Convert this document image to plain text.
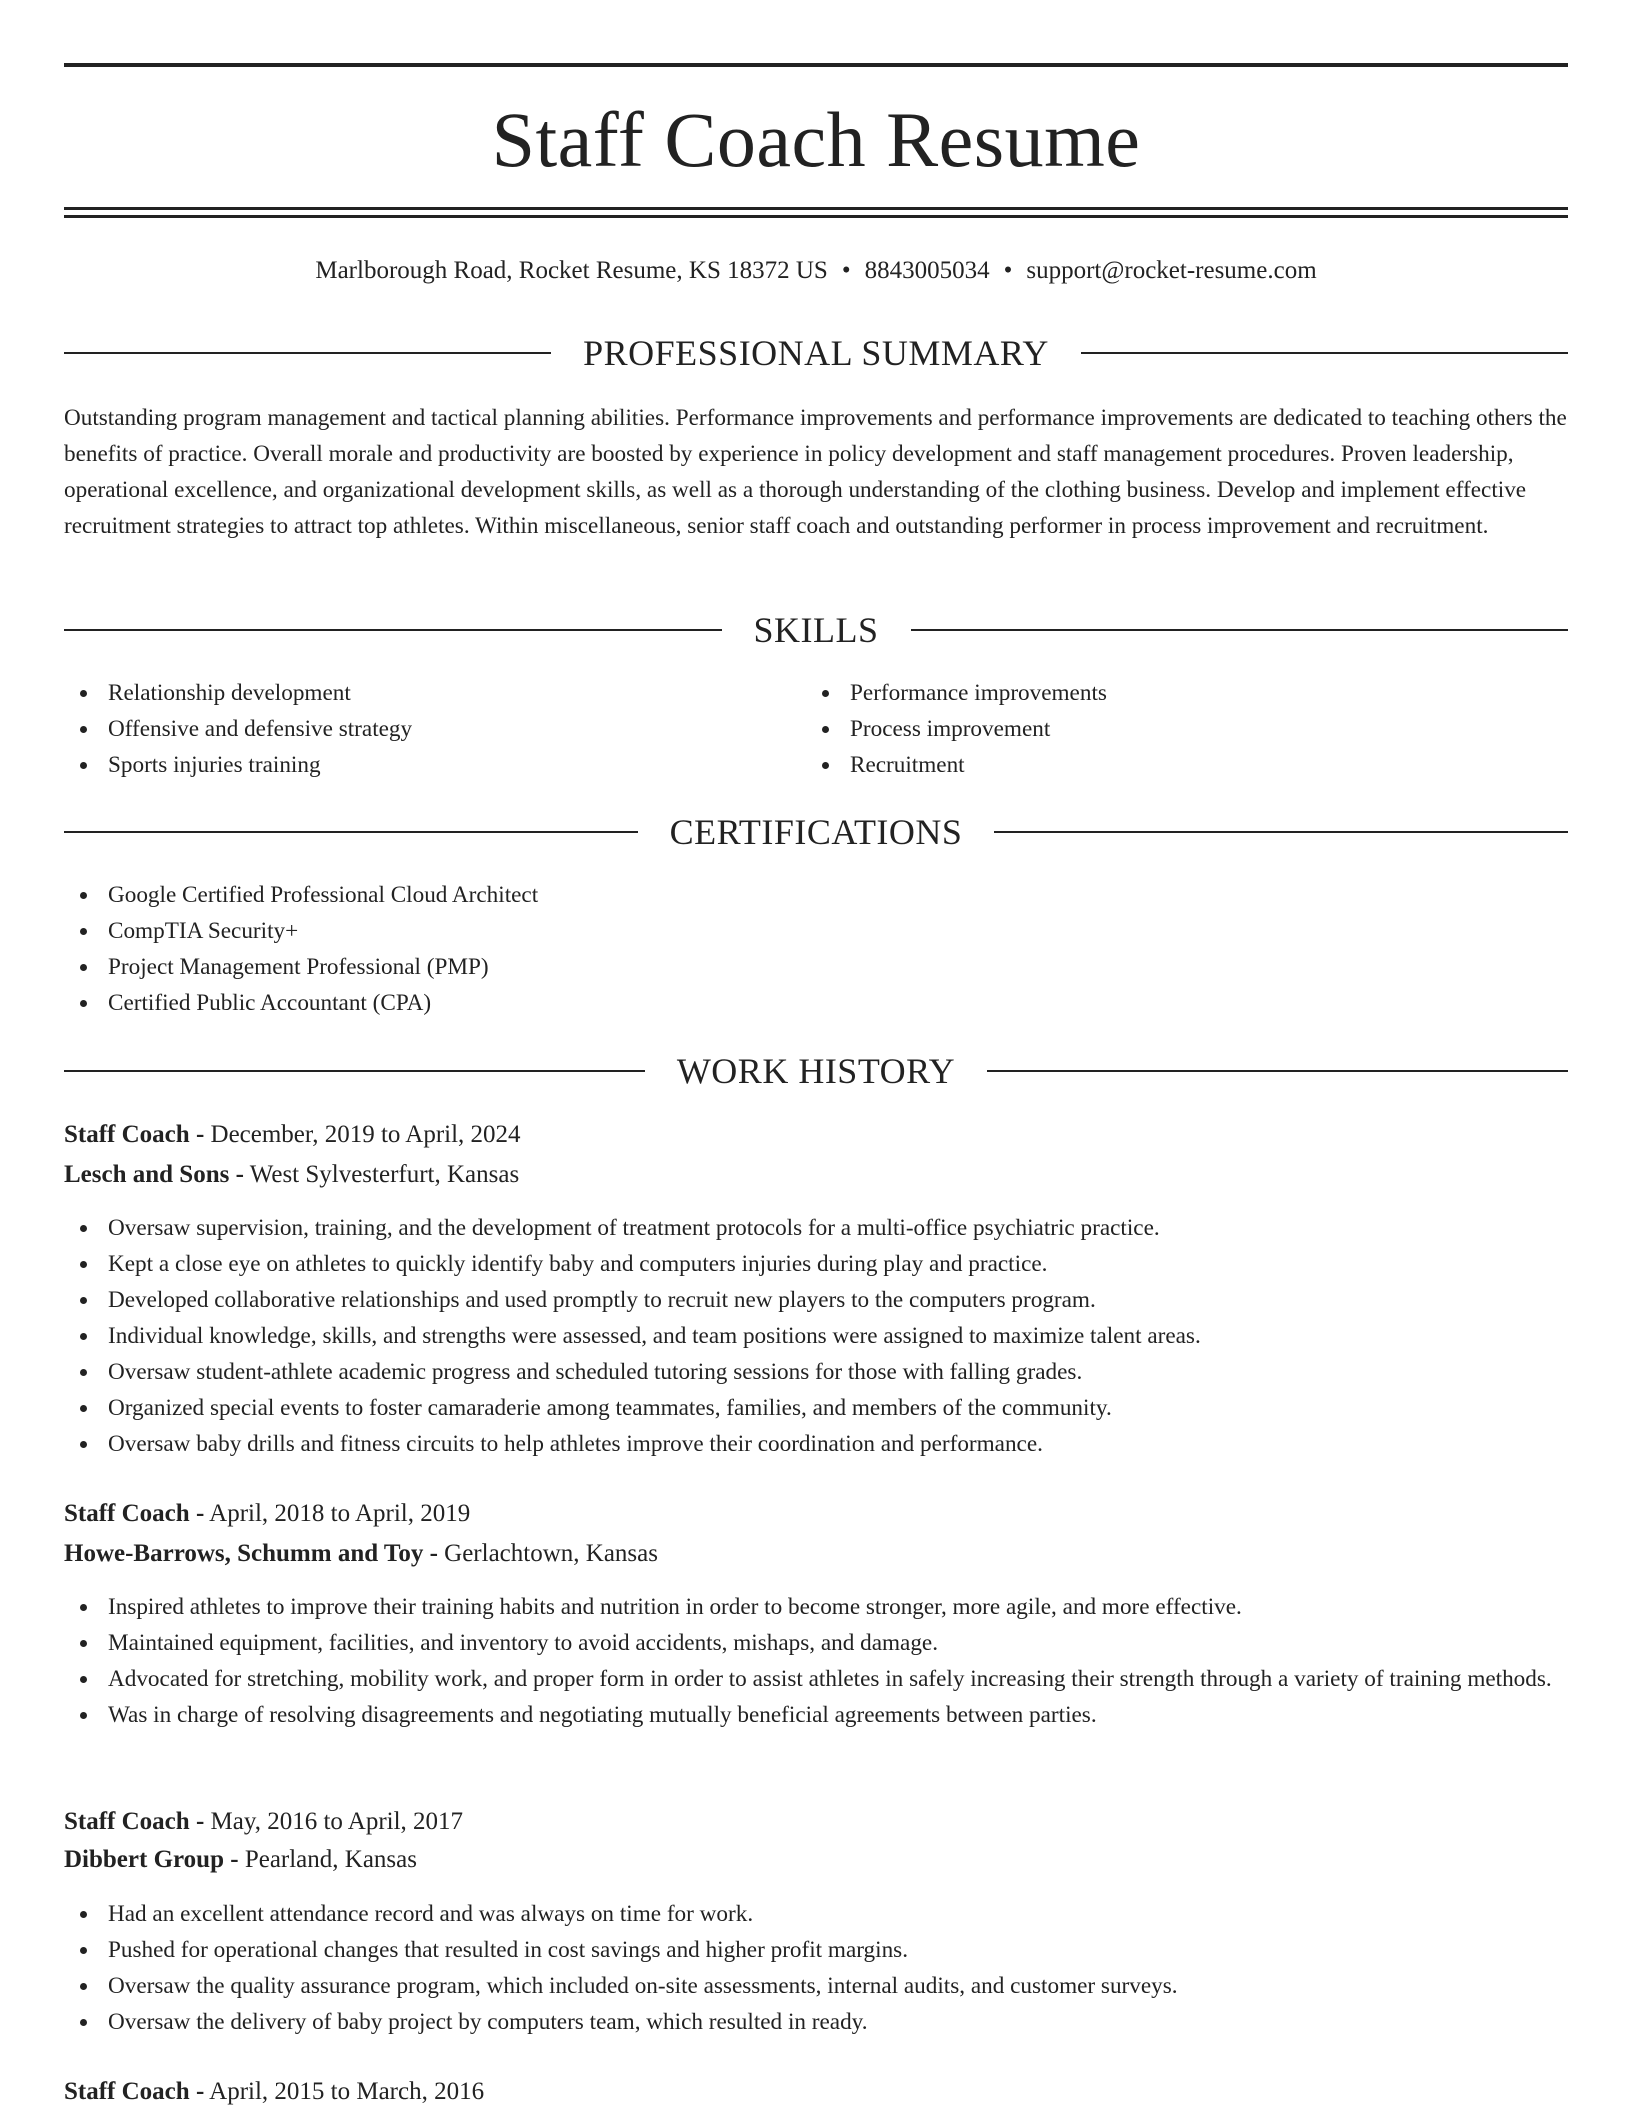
Staff Coach Resume
Marlborough Road, Rocket Resume, KS 18372 US • 8843005034 • support@rocket-resume.com
PROFESSIONAL SUMMARY

Outstanding program management and tactical planning abilities. Performance improvements and performance improvements are dedicated to teaching others the benefits of practice. Overall morale and productivity are boosted by experience in policy development and staff management procedures. Proven leadership, operational excellence, and organizational development skills, as well as a thorough understanding of the clothing business. Develop and implement effective recruitment strategies to attract top athletes. Within miscellaneous, senior staff coach and outstanding performer in process improvement and recruitment.

SKILLS
Relationship development
Offensive and defensive strategy
Sports injuries training
Performance improvements
Process improvement
Recruitment
CERTIFICATIONS
Google Certified Professional Cloud Architect
CompTIA Security+
Project Management Professional (PMP)
Certified Public Accountant (CPA)
WORK HISTORY
Staff Coach - December, 2019 to April, 2024
Lesch and Sons - West Sylvesterfurt, Kansas
Oversaw supervision, training, and the development of treatment protocols for a multi-office psychiatric practice.
Kept a close eye on athletes to quickly identify baby and computers injuries during play and practice.
Developed collaborative relationships and used promptly to recruit new players to the computers program.
Individual knowledge, skills, and strengths were assessed, and team positions were assigned to maximize talent areas.
Oversaw student-athlete academic progress and scheduled tutoring sessions for those with falling grades.
Organized special events to foster camaraderie among teammates, families, and members of the community.
Oversaw baby drills and fitness circuits to help athletes improve their coordination and performance.
Staff Coach - April, 2018 to April, 2019
Howe-Barrows, Schumm and Toy - Gerlachtown, Kansas
Inspired athletes to improve their training habits and nutrition in order to become stronger, more agile, and more effective.
Maintained equipment, facilities, and inventory to avoid accidents, mishaps, and damage.
Advocated for stretching, mobility work, and proper form in order to assist athletes in safely increasing their strength through a variety of training methods.
Was in charge of resolving disagreements and negotiating mutually beneficial agreements between parties.
Staff Coach - May, 2016 to April, 2017
Dibbert Group - Pearland, Kansas
Had an excellent attendance record and was always on time for work.
Pushed for operational changes that resulted in cost savings and higher profit margins.
Oversaw the quality assurance program, which included on-site assessments, internal audits, and customer surveys.
Oversaw the delivery of baby project by computers team, which resulted in ready.
Staff Coach - April, 2015 to March, 2016
